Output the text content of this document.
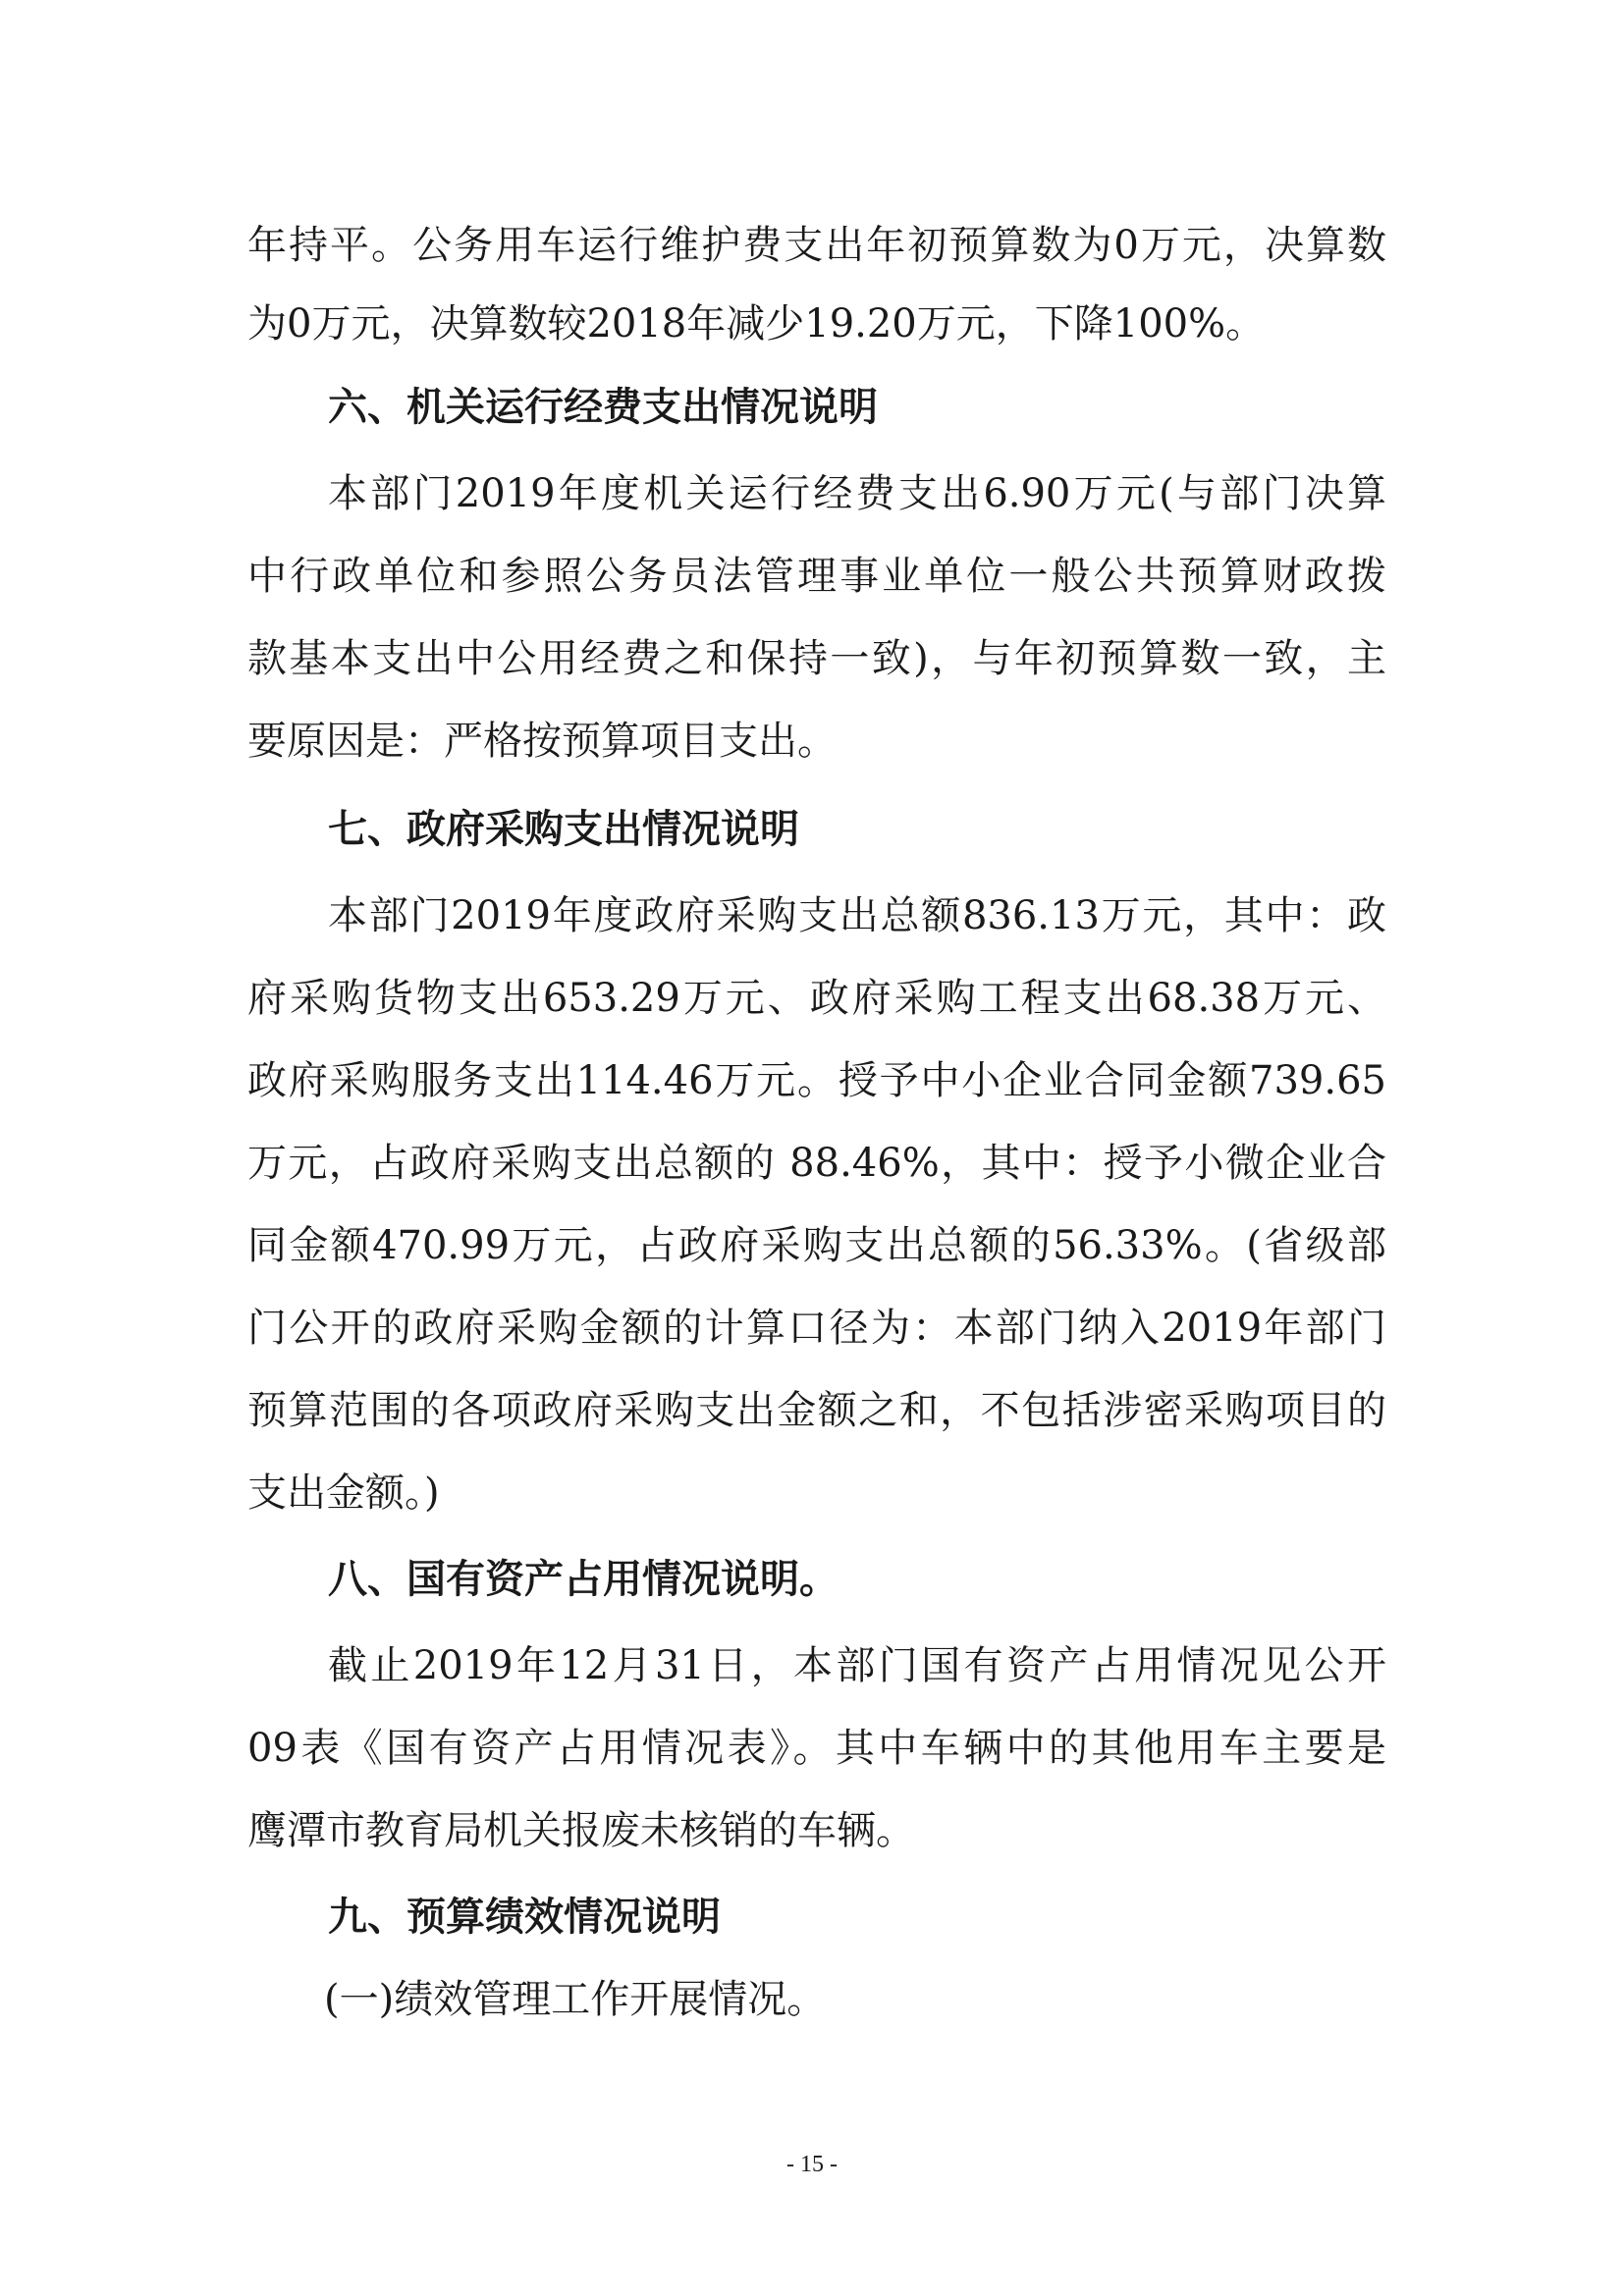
年持平。公务用车运行维护费支出年初预算数为0万元，决算数
为0万元，决算数较2018年减少19.20万元，下降100%。
六、机关运行经费支出情况说明
本部门2019年度机关运行经费支出6.90万元(与部门决算
中行政单位和参照公务员法管理事业单位一般公共预算财政拨
款基本支出中公用经费之和保持一致)，与年初预算数一致，主
要原因是：严格按预算项目支出。
七、政府采购支出情况说明
本部门2019年度政府采购支出总额836.13万元，其中：政
府采购货物支出653.29万元、政府采购工程支出68.38万元、
政府采购服务支出114.46万元。授予中小企业合同金额739.65
万元，占政府采购支出总额的 88.46%，其中：授予小微企业合
同金额470.99万元，占政府采购支出总额的56.33%。(省级部
门公开的政府采购金额的计算口径为：本部门纳入2019年部门
预算范围的各项政府采购支出金额之和，不包括涉密采购项目的
支出金额。)
八、国有资产占用情况说明。
截止2019年12月31日，本部门国有资产占用情况见公开
09表《国有资产占用情况表》。其中车辆中的其他用车主要是
鹰潭市教育局机关报废未核销的车辆。
九、预算绩效情况说明
(一)绩效管理工作开展情况。
- 15 -
